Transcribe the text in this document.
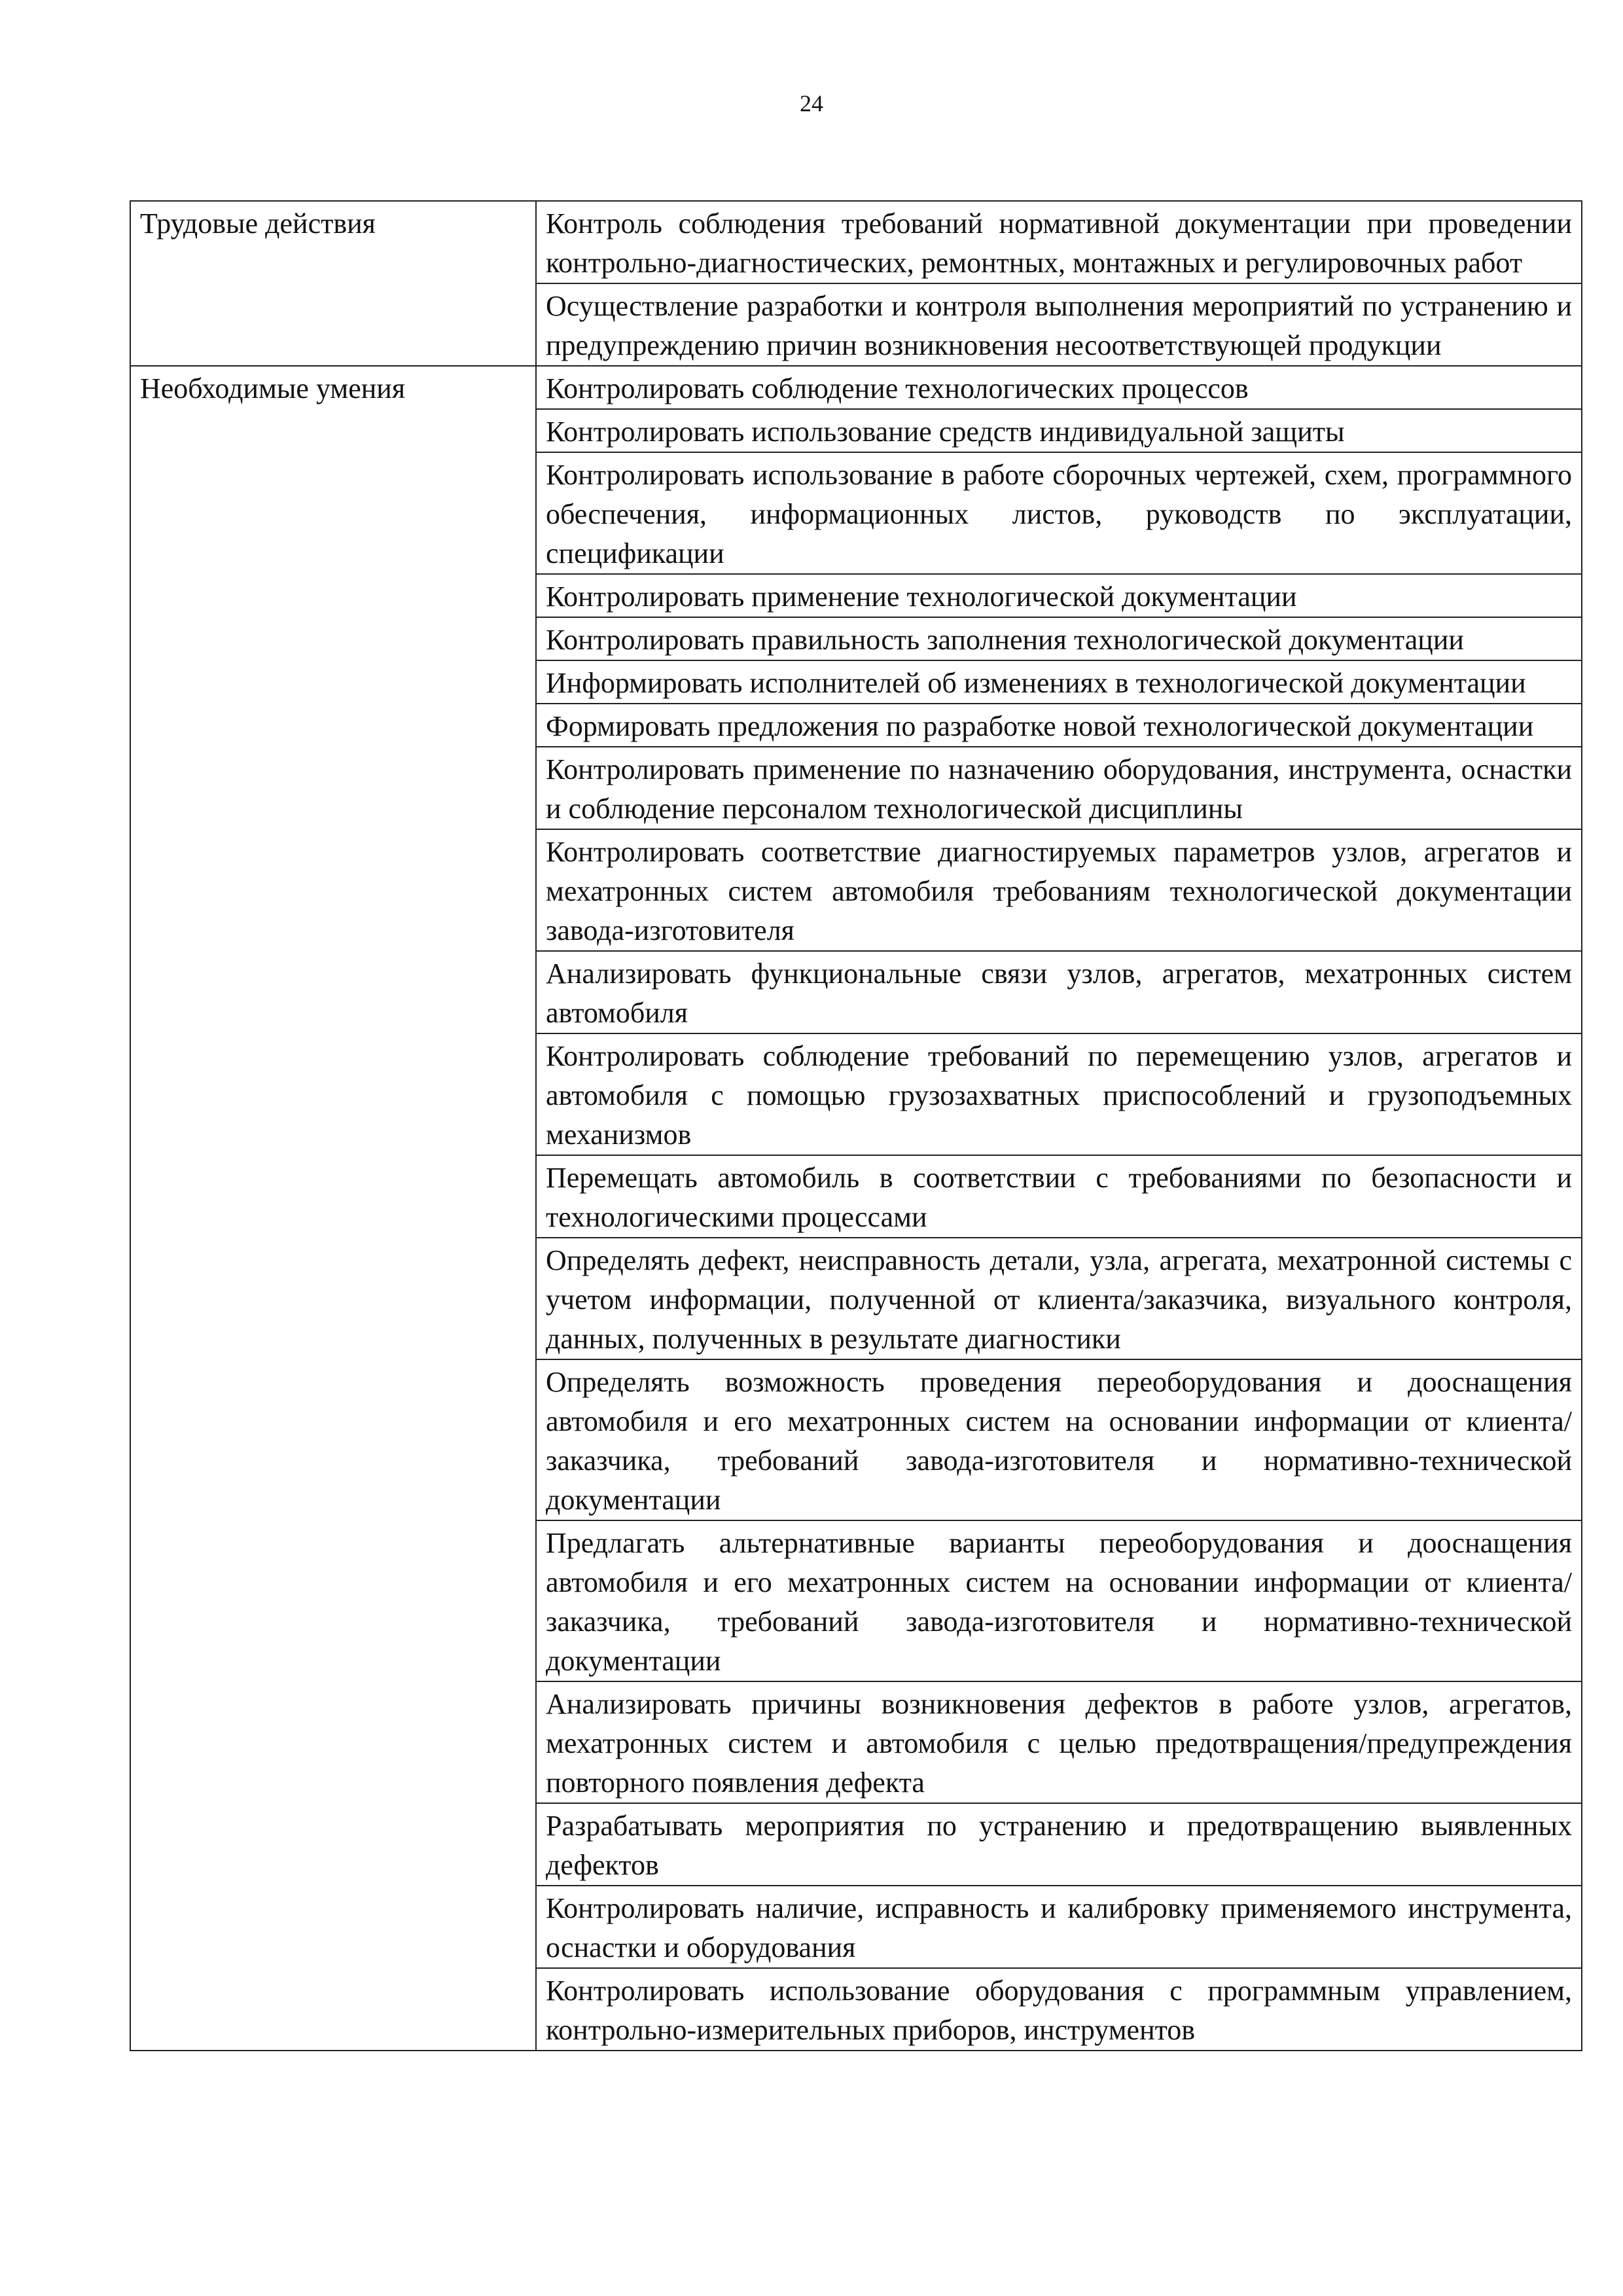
24
Трудовые действия	Контроль соблюдения требований нормативной документации при проведении контрольно-диагностических, ремонтных, монтажных и регулировочных работ
	Осуществление разработки и контроля выполнения мероприятий по устранению и предупреждению причин возникновения несоответствующей продукции
Необходимые умения	Контролировать соблюдение технологических процессов
	Контролировать использование средств индивидуальной защиты
	Контролировать использование в работе сборочных чертежей, схем, программного обеспечения, информационных листов, руководств по эксплуатации, спецификации
	Контролировать применение технологической документации
	Контролировать правильность заполнения технологической документации
	Информировать исполнителей об изменениях в технологической документации
	Формировать предложения по разработке новой технологической документации
	Контролировать применение по назначению оборудования, инструмента, оснастки и соблюдение персоналом технологической дисциплины
	Контролировать соответствие диагностируемых параметров узлов, агрегатов и мехатронных систем автомобиля требованиям технологической документации завода-изготовителя
	Анализировать функциональные связи узлов, агрегатов, мехатронных систем автомобиля
	Контролировать соблюдение требований по перемещению узлов, агрегатов и автомобиля с помощью грузозахватных приспособлений и грузоподъемных механизмов
	Перемещать автомобиль в соответствии с требованиями по безопасности и технологическими процессами
	Определять дефект, неисправность детали, узла, агрегата, мехатронной системы с учетом информации, полученной от клиента/заказчика, визуального контроля, данных, полученных в результате диагностики
	Определять возможность проведения переоборудования и дооснащения автомобиля и его мехатронных систем на основании информации от клиента/заказчика, требований завода-изготовителя и нормативно-технической документации
	Предлагать альтернативные варианты переоборудования и дооснащения автомобиля и его мехатронных систем на основании информации от клиента/заказчика, требований завода-изготовителя и нормативно-технической документации
	Анализировать причины возникновения дефектов в работе узлов, агрегатов, мехатронных систем и автомобиля с целью предотвращения/предупреждения повторного появления дефекта
	Разрабатывать мероприятия по устранению и предотвращению выявленных дефектов
	Контролировать наличие, исправность и калибровку применяемого инструмента, оснастки и оборудования
	Контролировать использование оборудования с программным управлением, контрольно-измерительных приборов, инструментов
